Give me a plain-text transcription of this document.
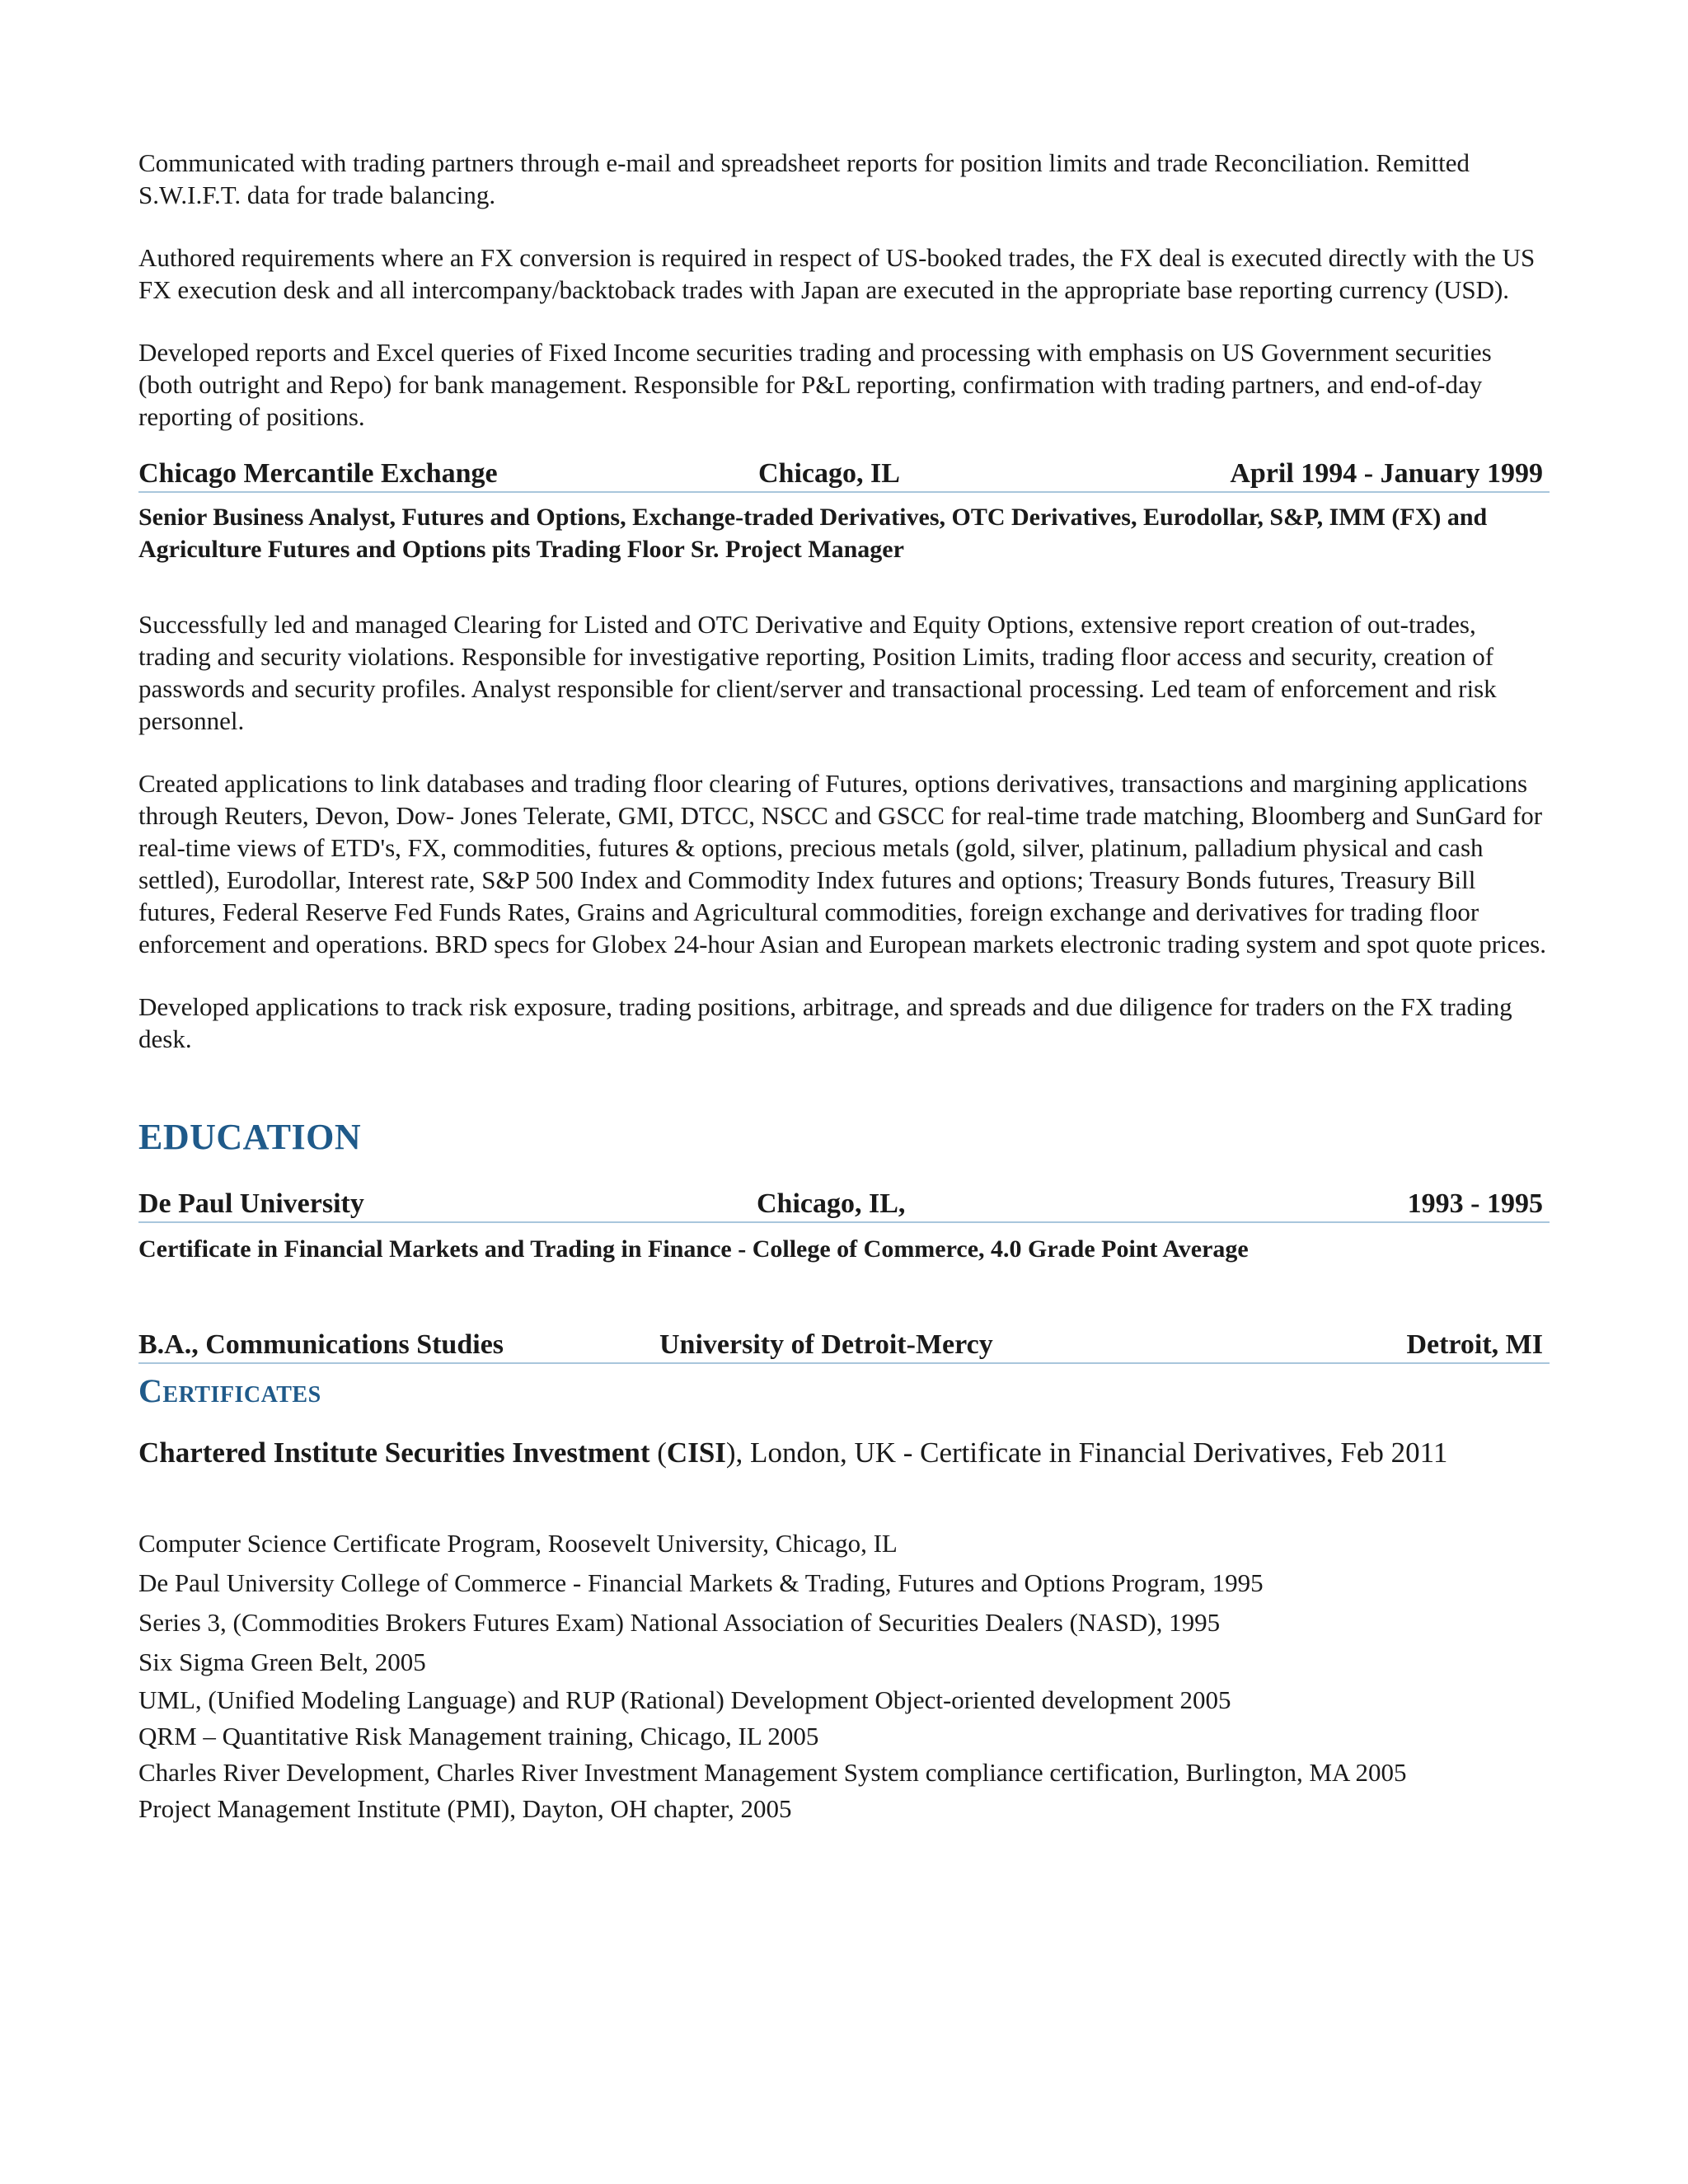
Communicated with trading partners through e-mail and spreadsheet reports for position limits and trade Reconciliation. Remitted S.W.I.F.T. data for trade balancing.

Authored requirements where an FX conversion is required in respect of US-booked trades, the FX deal is executed directly with the US FX execution desk and all intercompany/backtoback trades with Japan are executed in the appropriate base reporting currency (USD).

Developed reports and Excel queries of Fixed Income securities trading and processing with emphasis on US Government securities (both outright and Repo) for bank management. Responsible for P&L reporting, confirmation with trading partners, and end-of-day reporting of positions.

Chicago Mercantile Exchange	Chicago, IL	April 1994 - January 1999

Senior Business Analyst, Futures and Options, Exchange-traded Derivatives, OTC Derivatives, Eurodollar, S&P, IMM (FX) and Agriculture Futures and Options pits Trading Floor Sr. Project Manager

Successfully led and managed Clearing for Listed and OTC Derivative and Equity Options, extensive report creation of out-trades, trading and security violations. Responsible for investigative reporting, Position Limits, trading floor access and security, creation of passwords and security profiles. Analyst responsible for client/server and transactional processing. Led team of enforcement and risk personnel.

Created applications to link databases and trading floor clearing of Futures, options derivatives, transactions and margining applications through Reuters, Devon, Dow- Jones Telerate, GMI, DTCC, NSCC and GSCC for real-time trade matching, Bloomberg and SunGard for real-time views of ETD's, FX, commodities, futures & options, precious metals (gold, silver, platinum, palladium physical and cash settled), Eurodollar, Interest rate, S&P 500 Index and Commodity Index futures and options; Treasury Bonds futures, Treasury Bill futures, Federal Reserve Fed Funds Rates, Grains and Agricultural commodities, foreign exchange and derivatives for trading floor enforcement and operations. BRD specs for Globex 24-hour Asian and European markets electronic trading system and spot quote prices.

Developed applications to track risk exposure, trading positions, arbitrage, and spreads and due diligence for traders on the FX trading desk.

EDUCATION
De Paul University	Chicago, IL,	1993 - 1995

Certificate in Financial Markets and Trading in Finance - College of Commerce, 4.0 Grade Point Average

B.A., Communications Studies	University of Detroit-Mercy	Detroit, MI
Certificates

Chartered Institute Securities Investment (CISI), London, UK - Certificate in Financial Derivatives, Feb 2011

Computer Science Certificate Program, Roosevelt University, Chicago, IL
De Paul University College of Commerce - Financial Markets & Trading, Futures and Options Program, 1995
Series 3, (Commodities Brokers Futures Exam) National Association of Securities Dealers (NASD), 1995
Six Sigma Green Belt, 2005
UML, (Unified Modeling Language) and RUP (Rational) Development Object-oriented development 2005
QRM – Quantitative Risk Management training, Chicago, IL 2005
Charles River Development, Charles River Investment Management System compliance certification, Burlington, MA 2005
Project Management Institute (PMI), Dayton, OH chapter, 2005
